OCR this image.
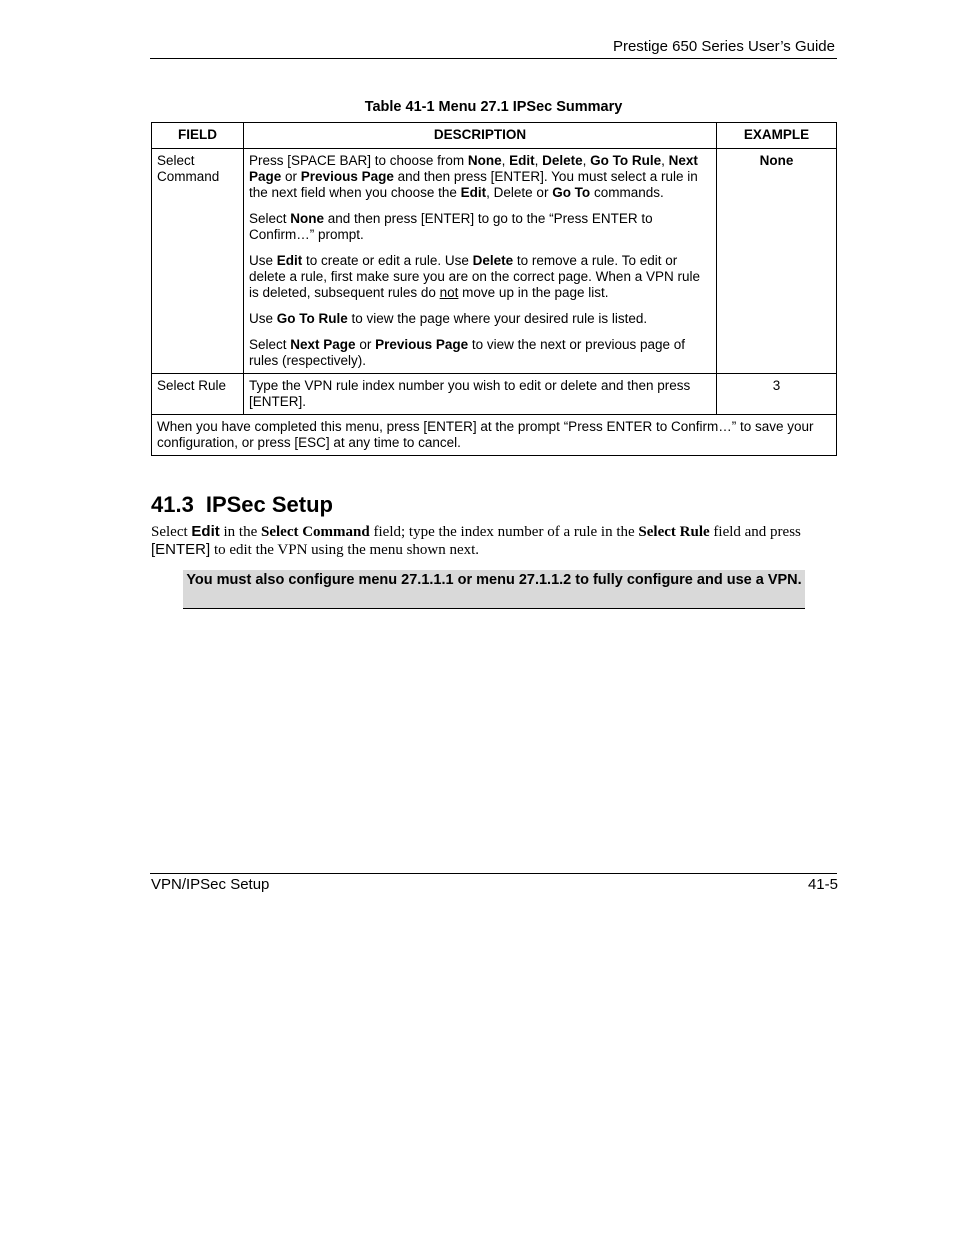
Prestige 650 Series User’s Guide
Table 41-1 Menu 27.1 IPSec Summary
FIELD	DESCRIPTION	EXAMPLE
Select Command	Press [SPACE BAR] to choose from None, Edit, Delete, Go To Rule, Next Page or Previous Page and then press [ENTER]. You must select a rule in the next field when you choose the Edit, Delete or Go To commands.

Select None and then press [ENTER] to go to the “Press ENTER to Confirm…” prompt.

Use Edit to create or edit a rule. Use Delete to remove a rule. To edit or delete a rule, first make sure you are on the correct page. When a VPN rule is deleted, subsequent rules do not move up in the page list.

Use Go To Rule to view the page where your desired rule is listed.

Select Next Page or Previous Page to view the next or previous page of rules (respectively).	None
Select Rule	Type the VPN rule index number you wish to edit or delete and then press [ENTER].	3
When you have completed this menu, press [ENTER] at the prompt “Press ENTER to Confirm…” to save your configuration, or press [ESC] at any time to cancel.		
41.3 IPSec Setup
Select Edit in the Select Command field; type the index number of a rule in the Select Rule field and press [ENTER] to edit the VPN using the menu shown next.
You must also configure menu 27.1.1.1 or menu 27.1.1.2 to fully configure and use a VPN.
VPN/IPSec Setup	41-5
